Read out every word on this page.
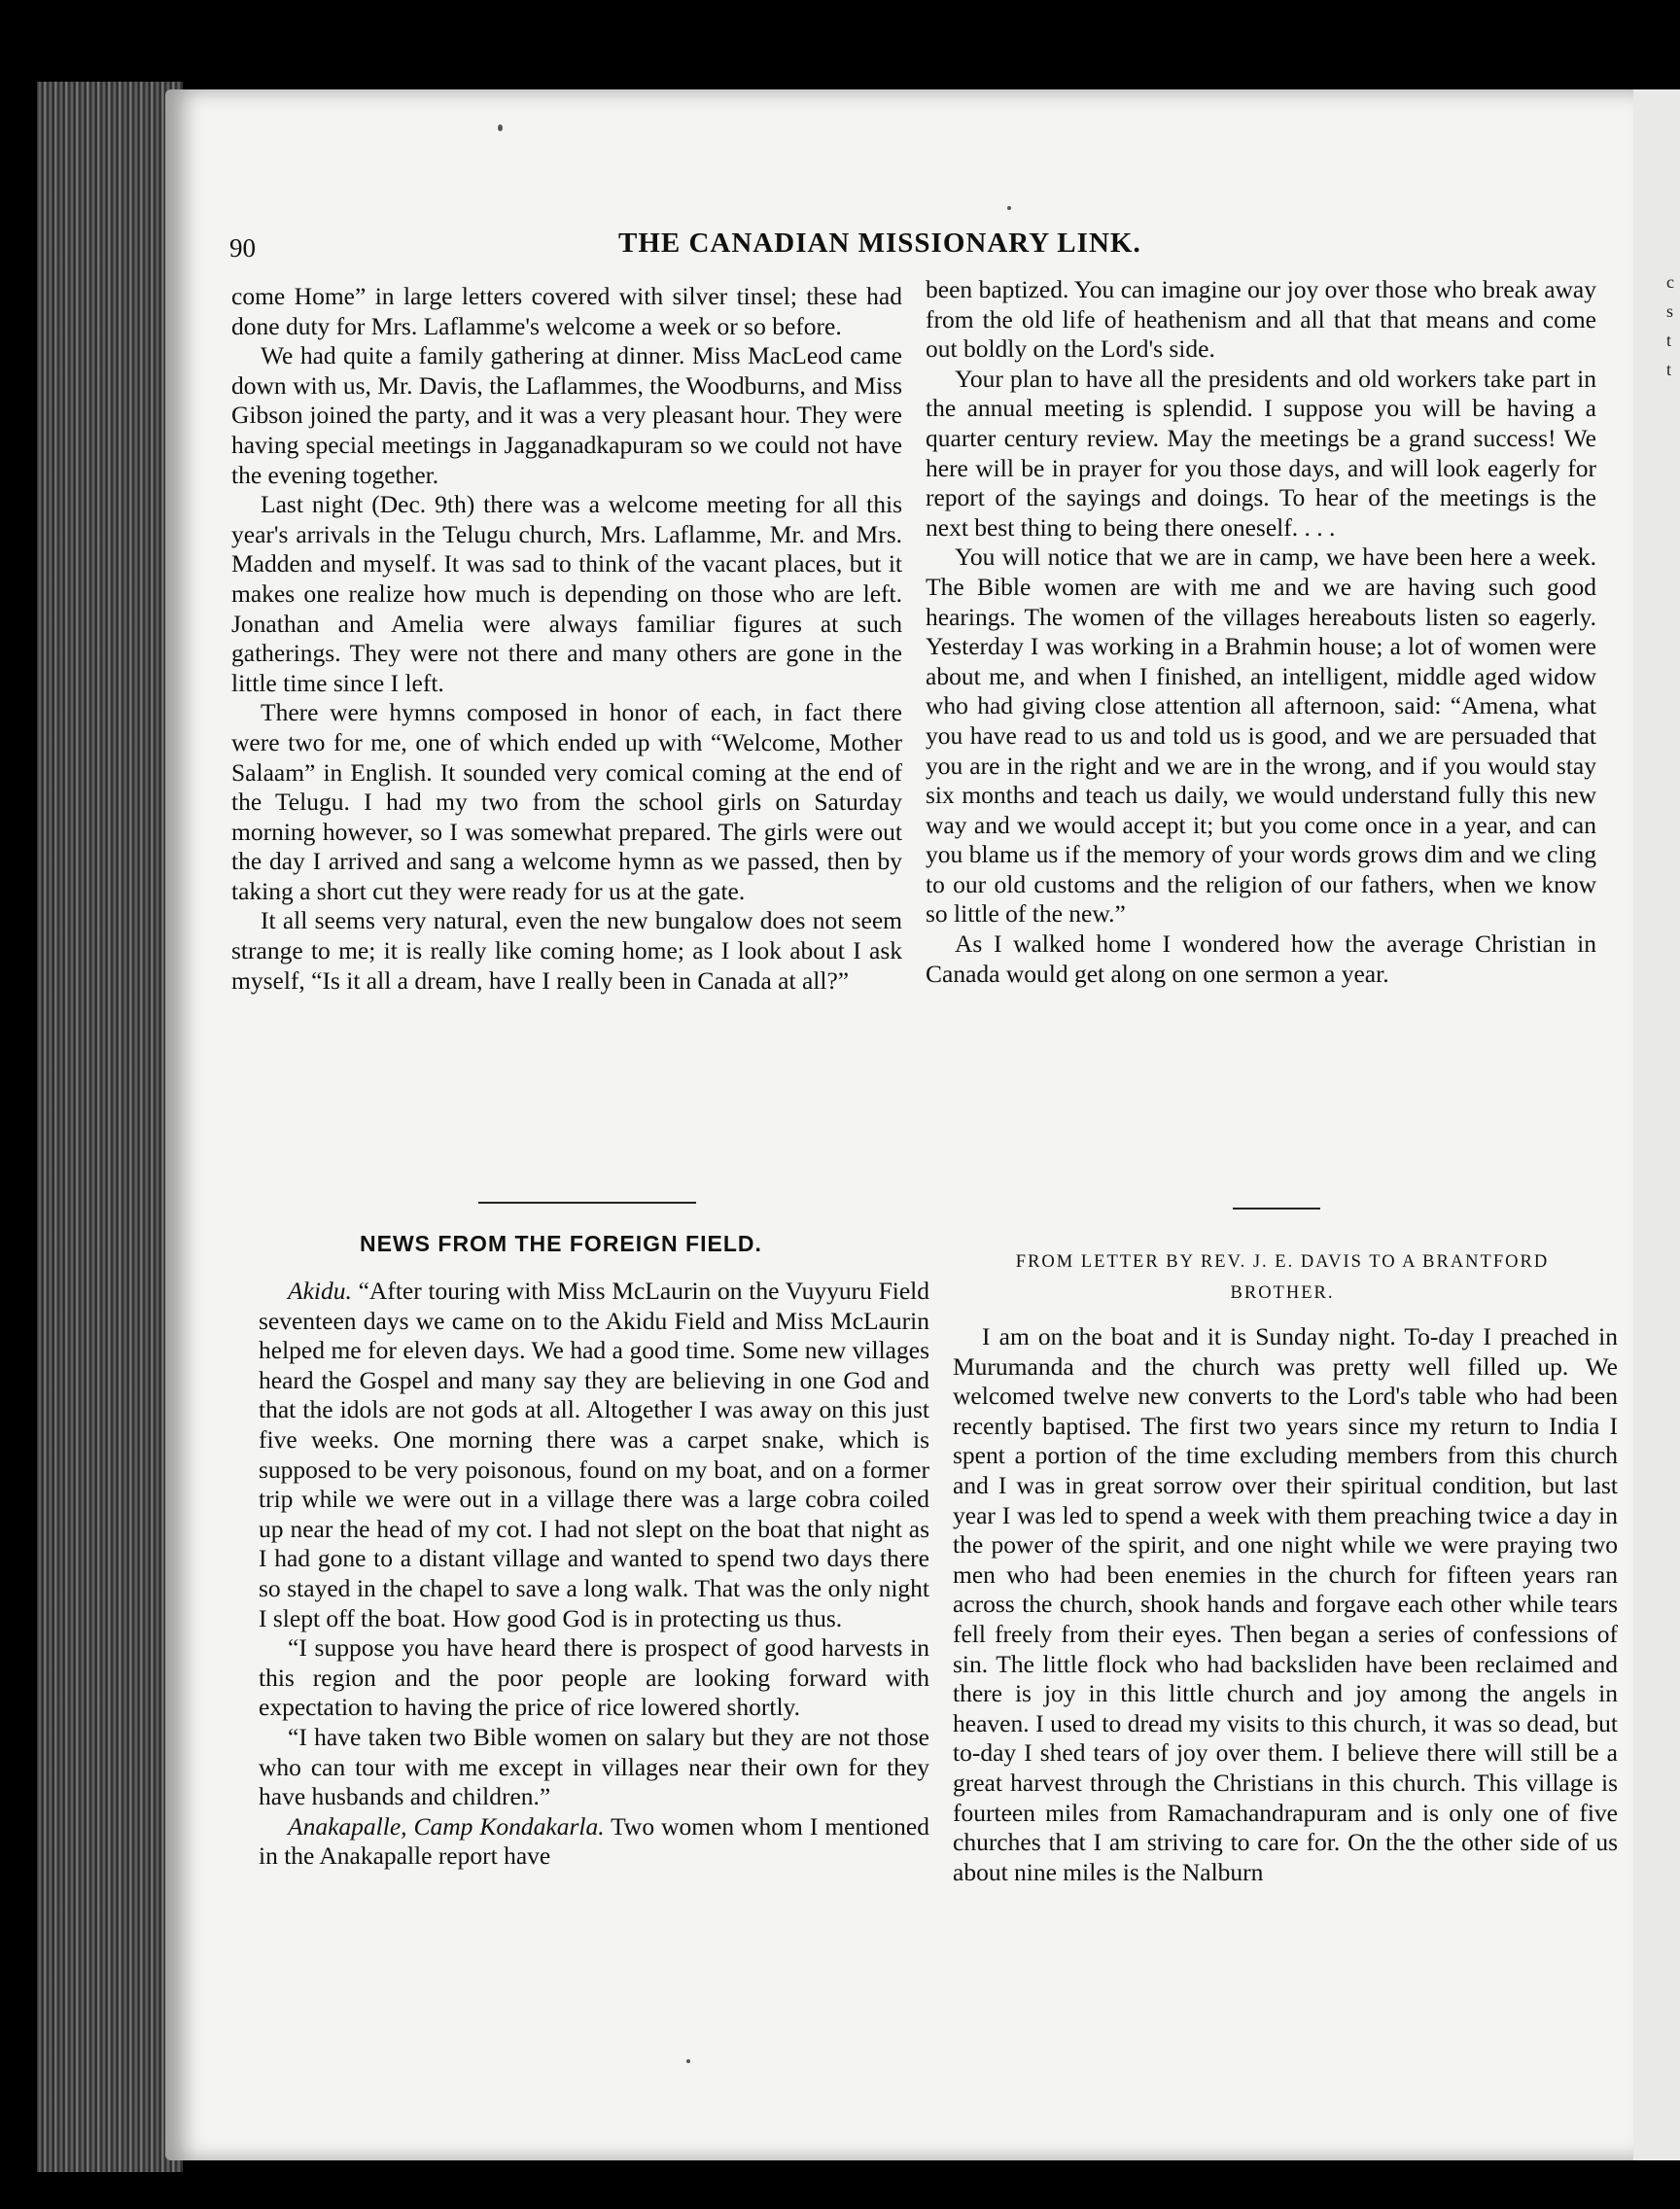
c
s
t
t
90	THE CANADIAN MISSIONARY LINK.

come Home” in large letters covered with silver tinsel; these had done duty for Mrs. Laflamme's welcome a week or so before.

We had quite a family gathering at dinner. Miss MacLeod came down with us, Mr. Davis, the Laflammes, the Woodburns, and Miss Gibson joined the party, and it was a very pleasant hour. They were having special meetings in Jagganadkapuram so we could not have the evening together.

Last night (Dec. 9th) there was a welcome meeting for all this year's arrivals in the Telugu church, Mrs. Laflamme, Mr. and Mrs. Madden and myself. It was sad to think of the vacant places, but it makes one realize how much is depending on those who are left. Jonathan and Amelia were always familiar figures at such gatherings. They were not there and many others are gone in the little time since I left.

There were hymns composed in honor of each, in fact there were two for me, one of which ended up with “Welcome, Mother Salaam” in English. It sounded very comical coming at the end of the Telugu. I had my two from the school girls on Saturday morning however, so I was somewhat prepared. The girls were out the day I arrived and sang a welcome hymn as we passed, then by taking a short cut they were ready for us at the gate.

It all seems very natural, even the new bungalow does not seem strange to me; it is really like coming home; as I look about I ask myself, “Is it all a dream, have I really been in Canada at all?”

NEWS FROM THE FOREIGN FIELD.

Akidu. “After touring with Miss McLaurin on the Vuyyuru Field seventeen days we came on to the Akidu Field and Miss McLaurin helped me for eleven days. We had a good time. Some new villages heard the Gospel and many say they are believing in one God and that the idols are not gods at all. Altogether I was away on this just five weeks. One morning there was a carpet snake, which is supposed to be very poisonous, found on my boat, and on a former trip while we were out in a village there was a large cobra coiled up near the head of my cot. I had not slept on the boat that night as I had gone to a distant village and wanted to spend two days there so stayed in the chapel to save a long walk. That was the only night I slept off the boat. How good God is in protecting us thus.

“I suppose you have heard there is prospect of good harvests in this region and the poor people are looking forward with expectation to having the price of rice lowered shortly.

“I have taken two Bible women on salary but they are not those who can tour with me except in villages near their own for they have husbands and children.”

Anakapalle, Camp Kondakarla. Two women whom I mentioned in the Anakapalle report have

been baptized. You can imagine our joy over those who break away from the old life of heathenism and all that that means and come out boldly on the Lord's side.

Your plan to have all the presidents and old workers take part in the annual meeting is splendid. I suppose you will be having a quarter century review. May the meetings be a grand success! We here will be in prayer for you those days, and will look eagerly for report of the sayings and doings. To hear of the meetings is the next best thing to being there oneself. . . .

You will notice that we are in camp, we have been here a week. The Bible women are with me and we are having such good hearings. The women of the villages hereabouts listen so eagerly. Yesterday I was working in a Brahmin house; a lot of women were about me, and when I finished, an intelligent, middle aged widow who had giving close attention all afternoon, said: “Amena, what you have read to us and told us is good, and we are persuaded that you are in the right and we are in the wrong, and if you would stay six months and teach us daily, we would understand fully this new way and we would accept it; but you come once in a year, and can you blame us if the memory of your words grows dim and we cling to our old customs and the religion of our fathers, when we know so little of the new.”

As I walked home I wondered how the average Christian in Canada would get along on one sermon a year.

FROM LETTER BY REV. J. E. DAVIS TO A BRANTFORD
BROTHER.

I am on the boat and it is Sunday night. To-day I preached in Murumanda and the church was pretty well filled up. We welcomed twelve new converts to the Lord's table who had been recently baptised. The first two years since my return to India I spent a portion of the time excluding members from this church and I was in great sorrow over their spiritual condition, but last year I was led to spend a week with them preaching twice a day in the power of the spirit, and one night while we were praying two men who had been enemies in the church for fifteen years ran across the church, shook hands and forgave each other while tears fell freely from their eyes. Then began a series of confessions of sin. The little flock who had backsliden have been reclaimed and there is joy in this little church and joy among the angels in heaven. I used to dread my visits to this church, it was so dead, but to-day I shed tears of joy over them. I believe there will still be a great harvest through the Christians in this church. This village is fourteen miles from Ramachandrapuram and is only one of five churches that I am striving to care for. On the the other side of us about nine miles is the Nalburn
